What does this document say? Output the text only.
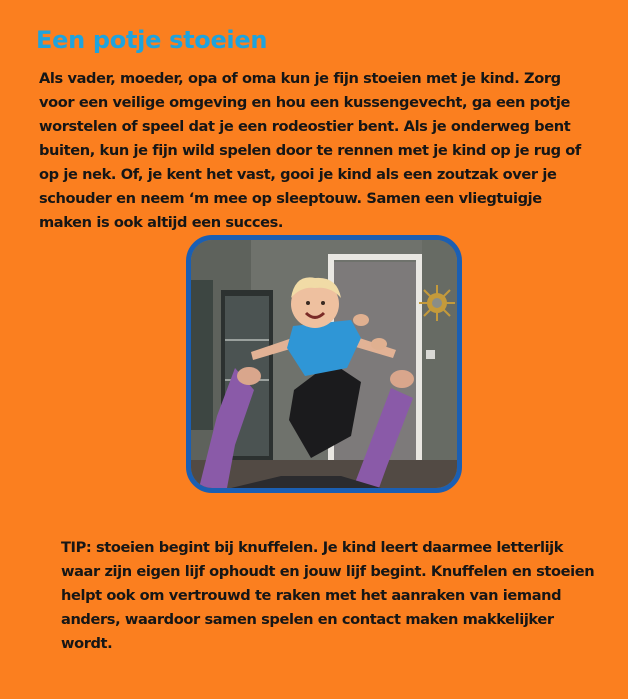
Een potje stoeien

Als vader, moeder, opa of oma kun je fijn stoeien met je kind. Zorg voor een veilige omgeving en hou een kussengevecht, ga een potje worstelen of speel dat je een rodeostier bent. Als je onderweg bent buiten, kun je fijn wild spelen door te rennen met je kind op je rug of op je nek. Of, je kent het vast, gooi je kind als een zoutzak over je schouder en neem ‘m mee op sleeptouw. Samen een vliegtuigje maken is ook altijd een succes.

TIP: stoeien begint bij knuffelen. Je kind leert daarmee letterlijk waar zijn eigen lijf ophoudt en jouw lijf begint. Knuffelen en stoeien helpt ook om vertrouwd te raken met het aanraken van iemand anders, waardoor samen spelen en contact maken makkelijker wordt.
